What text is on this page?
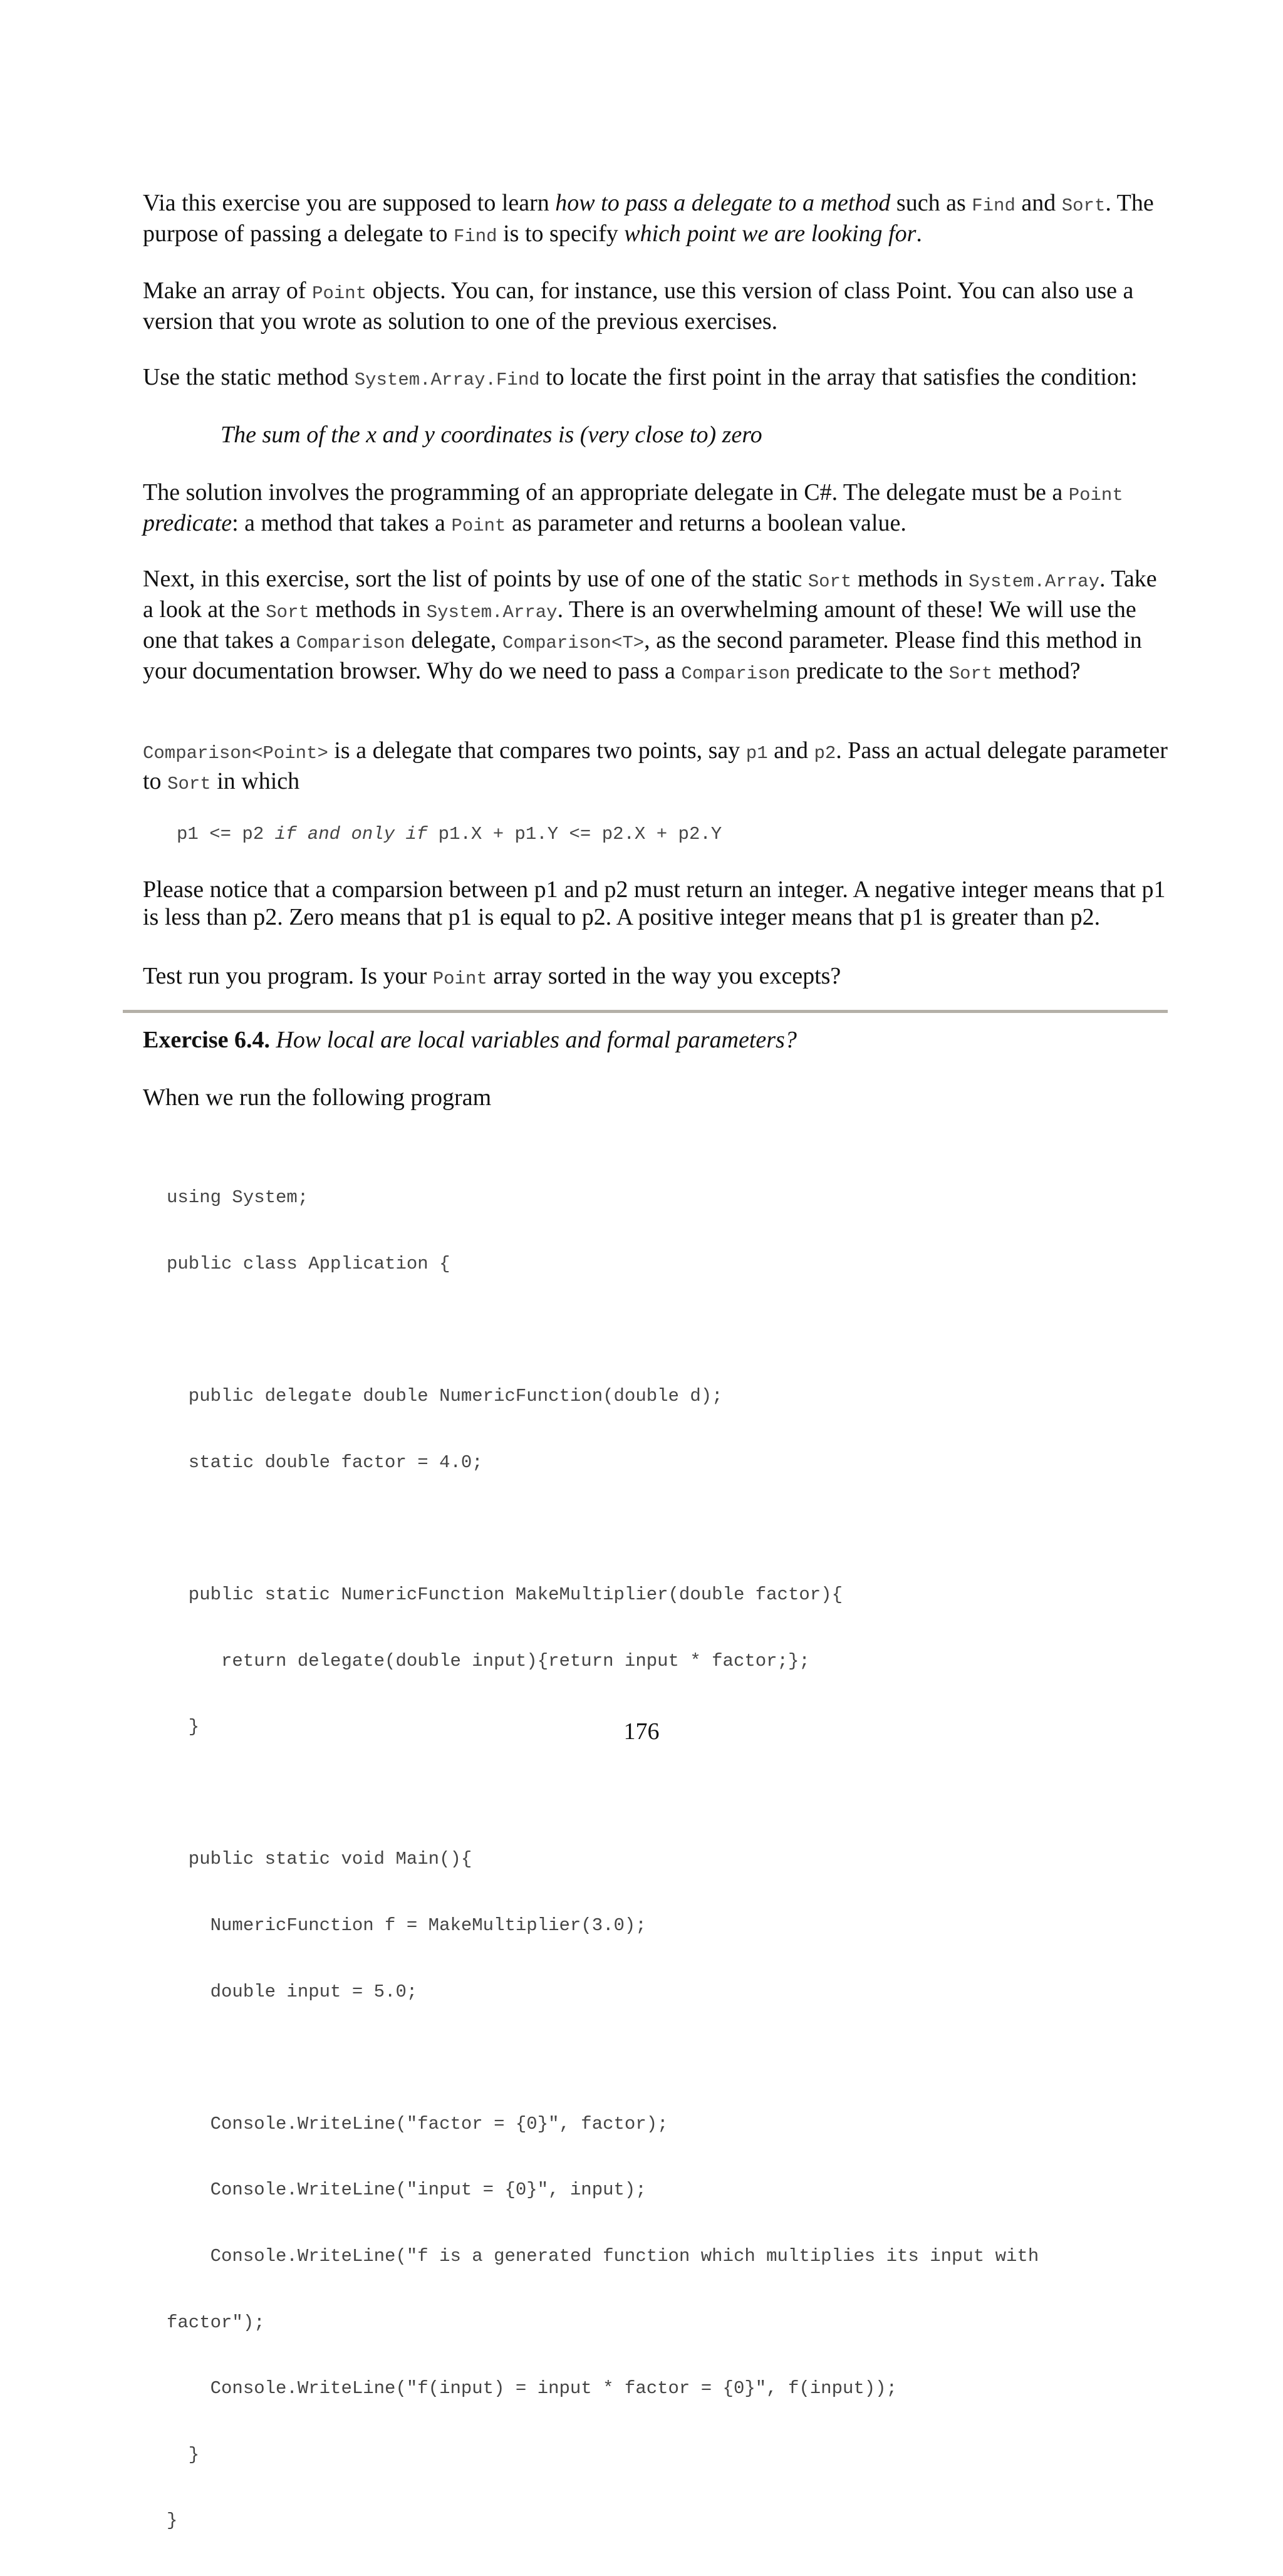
Via this exercise you are supposed to learn how to pass a delegate to a method such as Find and Sort. The purpose of passing a delegate to Find is to specify which point we are looking for.

Make an array of Point objects. You can, for instance, use this version of class Point. You can also use a version that you wrote as solution to one of the previous exercises.

Use the static method System.Array.Find to locate the first point in the array that satisfies the condition:

The sum of the x and y coordinates is (very close to) zero

The solution involves the programming of an appropriate delegate in C#. The delegate must be a Point
predicate: a method that takes a Point as parameter and returns a boolean value.

Next, in this exercise, sort the list of points by use of one of the static Sort methods in System.Array. Take a look at the Sort methods in System.Array. There is an overwhelming amount of these! We will use the one that takes a Comparison delegate, Comparison<T>, as the second parameter. Please find this method in your documentation browser. Why do we need to pass a Comparison predicate to the Sort method?

Comparison<Point> is a delegate that compares two points, say p1 and p2. Pass an actual delegate parameter to Sort in which

p1 <= p2 if and only if p1.X + p1.Y <= p2.X + p2.Y

Please notice that a comparsion between p1 and p2 must return an integer. A negative integer means that p1 is less than p2. Zero means that p1 is equal to p2. A positive integer means that p1 is greater than p2.

Test run you program. Is your Point array sorted in the way you excepts?

Exercise 6.4. How local are local variables and formal parameters?

When we run the following program

using System;

public class Application {

public delegate double NumericFunction(double d);

static double factor = 4.0;

public static NumericFunction MakeMultiplier(double factor){

return delegate(double input){return input * factor;};

}

public static void Main(){

NumericFunction f = MakeMultiplier(3.0);

double input = 5.0;

Console.WriteLine("factor = {0}", factor);

Console.WriteLine("input = {0}", input);

Console.WriteLine("f is a generated function which multiplies its input with

factor");

Console.WriteLine("f(input) = input * factor = {0}", f(input));

}

}

176
